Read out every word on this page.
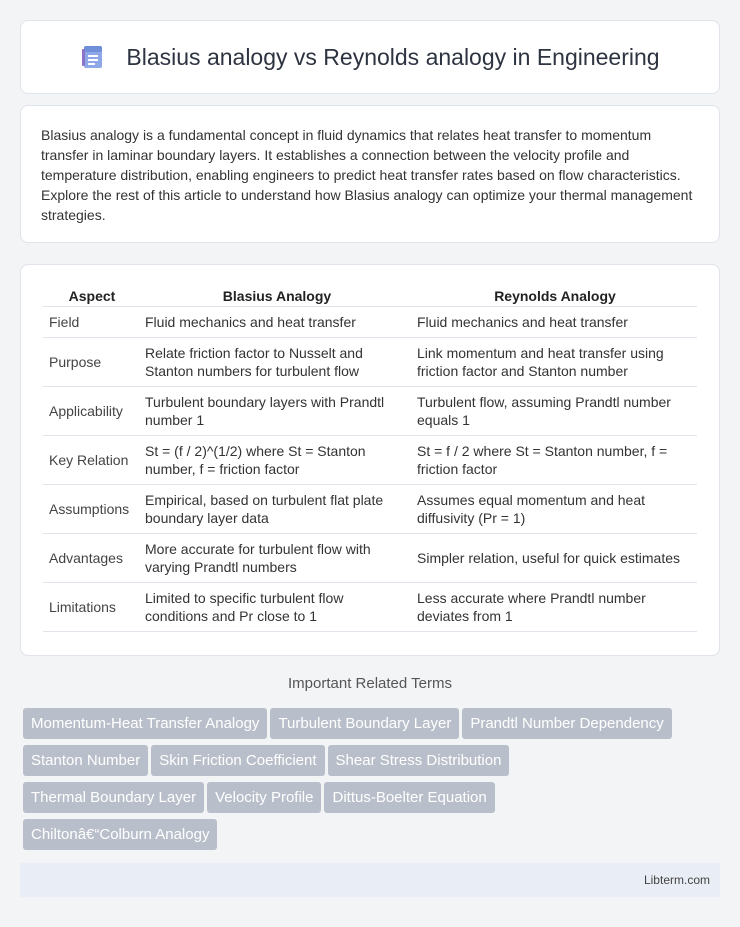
Blasius analogy vs Reynolds analogy in Engineering

Blasius analogy is a fundamental concept in fluid dynamics that relates heat transfer to momentum transfer in laminar boundary layers. It establishes a connection between the velocity profile and temperature distribution, enabling engineers to predict heat transfer rates based on flow characteristics. Explore the rest of this article to understand how Blasius analogy can optimize your thermal management strategies.

Aspect	Blasius Analogy	Reynolds Analogy
Field	Fluid mechanics and heat transfer	Fluid mechanics and heat transfer
Purpose	Relate friction factor to Nusselt and Stanton numbers for turbulent flow	Link momentum and heat transfer using friction factor and Stanton number
Applicability	Turbulent boundary layers with Prandtl number 1	Turbulent flow, assuming Prandtl number equals 1
Key Relation	St = (f / 2)^(1/2) where St = Stanton number, f = friction factor	St = f / 2 where St = Stanton number, f = friction factor
Assumptions	Empirical, based on turbulent flat plate boundary layer data	Assumes equal momentum and heat diffusivity (Pr = 1)
Advantages	More accurate for turbulent flow with varying Prandtl numbers	Simpler relation, useful for quick estimates
Limitations	Limited to specific turbulent flow conditions and Pr close to 1	Less accurate where Prandtl number deviates from 1
Important Related Terms
Momentum-Heat Transfer Analogy Turbulent Boundary Layer Prandtl Number Dependency
Stanton Number Skin Friction Coefficient Shear Stress Distribution
Thermal Boundary Layer Velocity Profile Dittus-Boelter Equation
Chiltonâ€“Colburn Analogy
Libterm.com
